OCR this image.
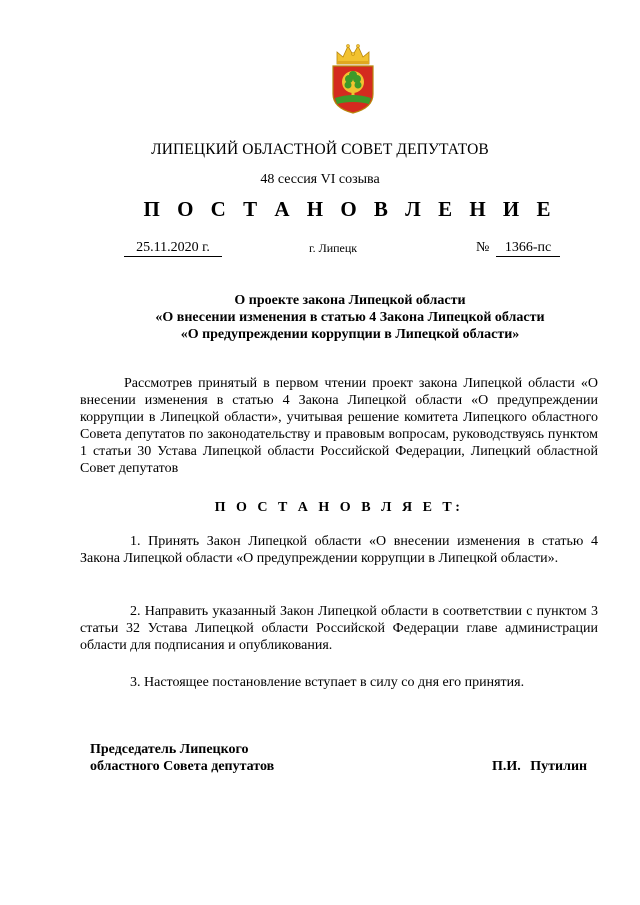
ЛИПЕЦКИЙ ОБЛАСТНОЙ СОВЕТ ДЕПУТАТОВ
48 сессия VI созыва
П О С Т А Н О В Л Е Н И Е
25.11.2020 г.	г. Липецк	№	1366-пс
О проекте закона Липецкой области
«О внесении изменения в статью 4 Закона Липецкой области
«О предупреждении коррупции в Липецкой области»
Рассмотрев принятый в первом чтении проект закона Липецкой области «О внесении изменения в статью 4 Закона Липецкой области «О предупреждении коррупции в Липецкой области», учитывая решение комитета Липецкого областного Совета депутатов по законодательству и правовым вопросам, руководствуясь пунктом 1 статьи 30 Устава Липецкой области Российской Федерации, Липецкий областной Совет депутатов
П О С Т А Н О В Л Я Е Т:
1. Принять Закон Липецкой области «О внесении изменения в статью 4 Закона Липецкой области «О предупреждении коррупции в Липецкой области».
2. Направить указанный Закон Липецкой области в соответствии с пунктом 3 статьи 32 Устава Липецкой области Российской Федерации главе администрации области для подписания и опубликования.
3. Настоящее постановление вступает в силу со дня его принятия.
Председатель Липецкого
областного Совета депутатов	П.И. Путилин
